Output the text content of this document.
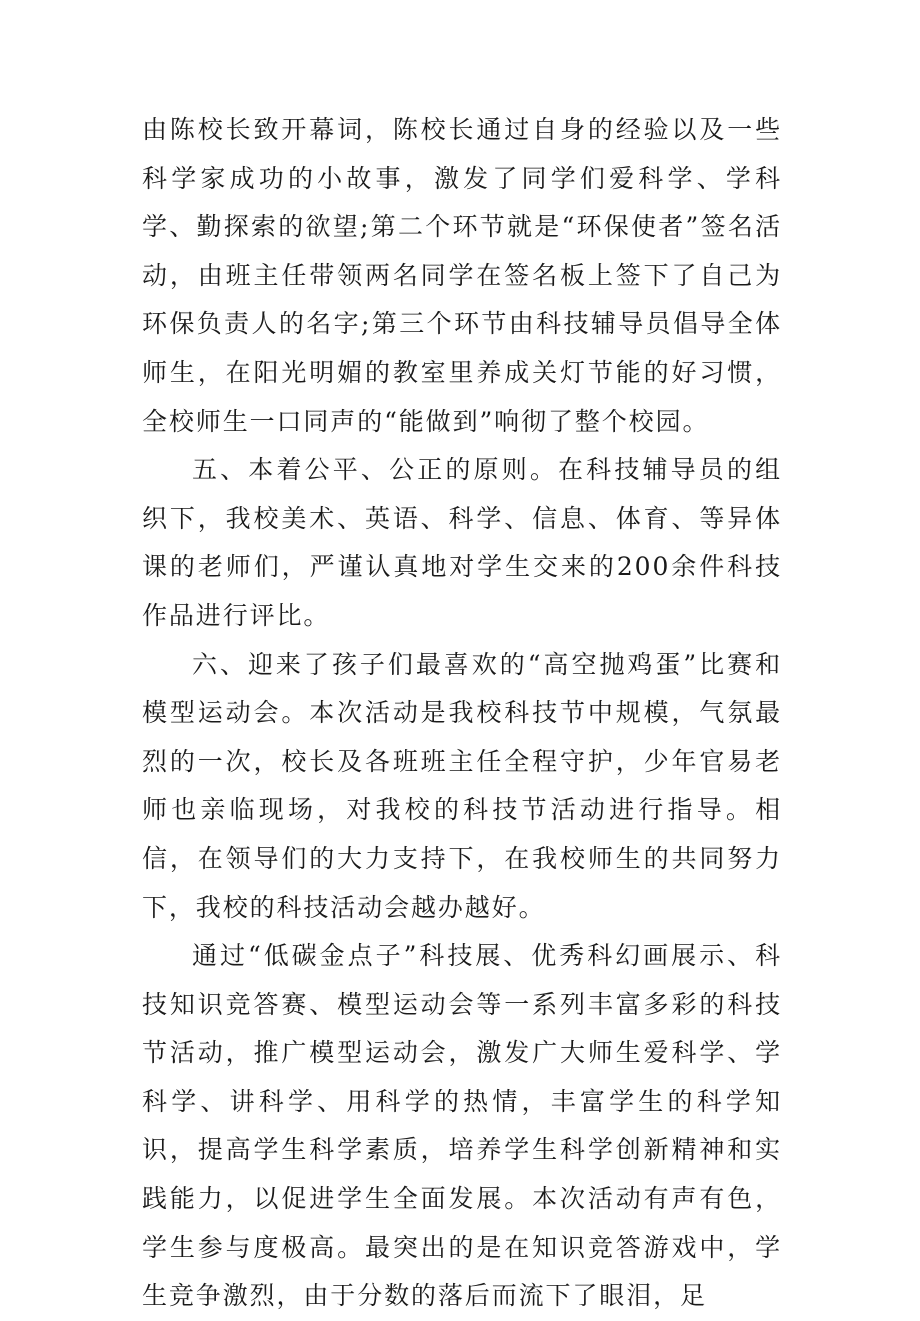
由陈校长致开幕词，陈校长通过自身的经验以及一些科学家成功的小故事，激发了同学们爱科学、学科学、勤探索的欲望;第二个环节就是“环保使者”签名活动，由班主任带领两名同学在签名板上签下了自己为环保负责人的名字;第三个环节由科技辅导员倡导全体师生，在阳光明媚的教室里养成关灯节能的好习惯，全校师生一口同声的“能做到”响彻了整个校园。

五、本着公平、公正的原则。在科技辅导员的组织下，我校美术、英语、科学、信息、体育、等异体课的老师们，严谨认真地对学生交来的200余件科技作品进行评比。

六、迎来了孩子们最喜欢的“高空抛鸡蛋”比赛和模型运动会。本次活动是我校科技节中规模，气氛最烈的一次，校长及各班班主任全程守护，少年官易老师也亲临现场，对我校的科技节活动进行指导。相信，在领导们的大力支持下，在我校师生的共同努力下，我校的科技活动会越办越好。

通过“低碳金点子”科技展、优秀科幻画展示、科技知识竞答赛、模型运动会等一系列丰富多彩的科技节活动，推广模型运动会，激发广大师生爱科学、学科学、讲科学、用科学的热情，丰富学生的科学知识，提高学生科学素质，培养学生科学创新精神和实践能力，以促进学生全面发展。本次活动有声有色，学生参与度极高。最突出的是在知识竞答游戏中，学生竞争激烈，由于分数的落后而流下了眼泪，足
